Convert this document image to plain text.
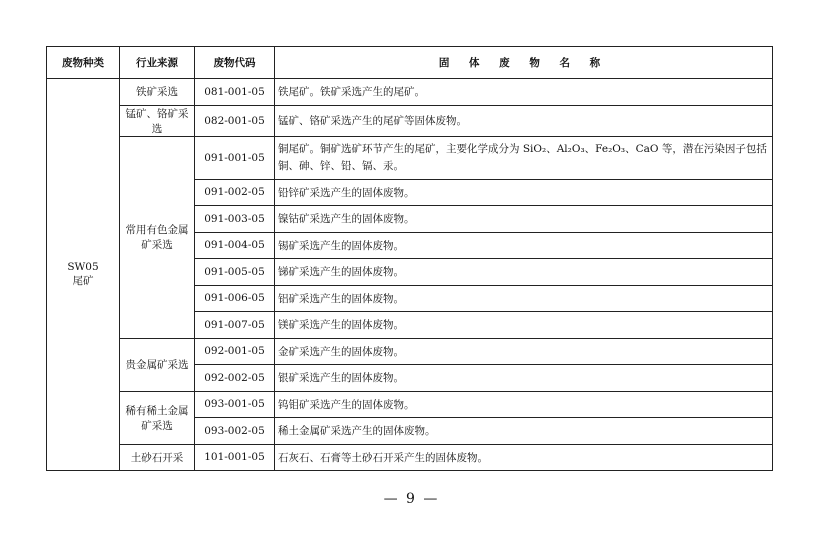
废物种类	行业来源	废物代码	固 体 废 物 名 称

SW05
尾矿	铁矿采选	081-001-05	铁尾矿。铁矿采选产生的尾矿。
	锰矿、铬矿采选	082-001-05	锰矿、铬矿采选产生的尾矿等固体废物。
	常用有色金属矿采选	091-001-05	铜尾矿。铜矿选矿环节产生的尾矿，主要化学成分为 SiO₂、Al₂O₃、Fe₂O₃、CaO 等，潜在污染因子包括铜、砷、锌、铅、镉、汞。
		091-002-05	铅锌矿采选产生的固体废物。
		091-003-05	镍钴矿采选产生的固体废物。
		091-004-05	锡矿采选产生的固体废物。
		091-005-05	锑矿采选产生的固体废物。
		091-006-05	铝矿采选产生的固体废物。
		091-007-05	镁矿采选产生的固体废物。
	贵金属矿采选	092-001-05	金矿采选产生的固体废物。
		092-002-05	银矿采选产生的固体废物。
	稀有稀土金属矿采选	093-001-05	钨钼矿采选产生的固体废物。
		093-002-05	稀土金属矿采选产生的固体废物。
	土砂石开采	101-001-05	石灰石、石膏等土砂石开采产生的固体废物。
— 9 —
